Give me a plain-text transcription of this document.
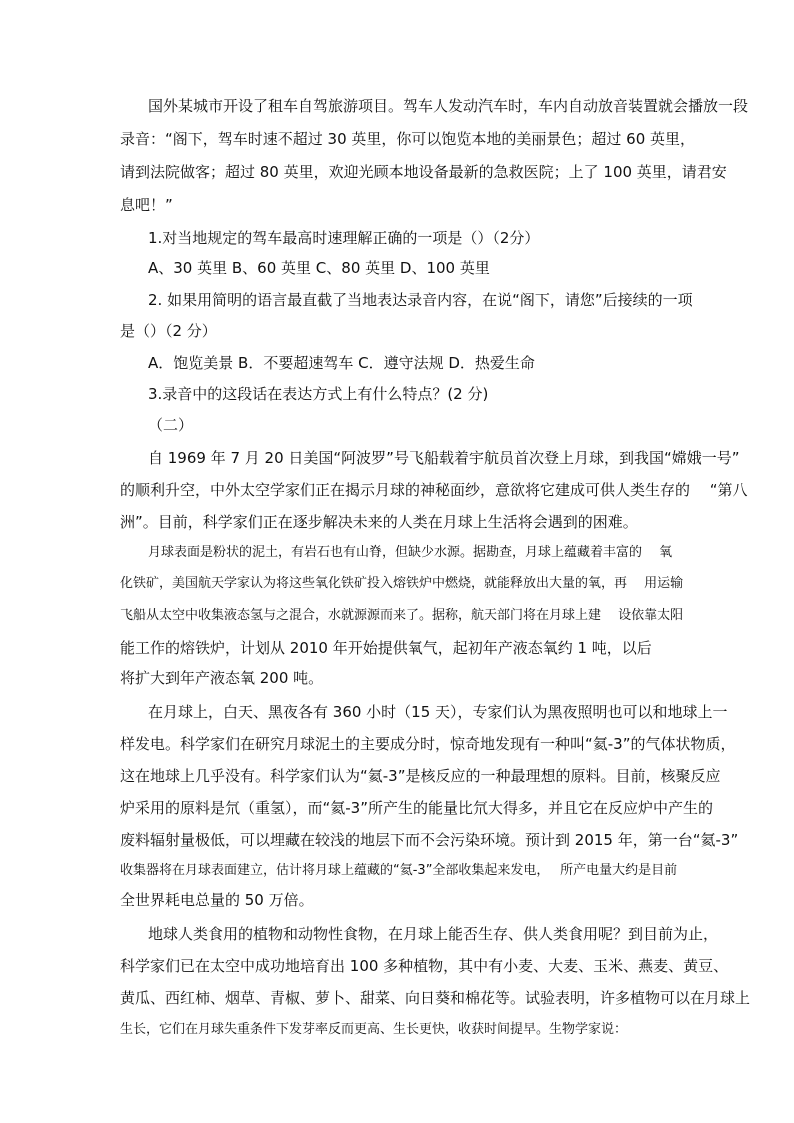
国外某城市开设了租车自驾旅游项目。驾车人发动汽车时，车内自动放音装置就会播放一段
录音：“阁下，驾车时速不超过 30 英里，你可以饱览本地的美丽景色；超过 60 英里，
请到法院做客；超过 80 英里，欢迎光顾本地设备最新的急救医院；上了 100 英里，请君安
息吧！”
1.对当地规定的驾车最高时速理解正确的一项是（）（2分）
A、30 英里 B、60 英里 C、80 英里 D、100 英里
2. 如果用简明的语言最直截了当地表达录音内容，在说“阁下，请您”后接续的一项
是（）（2 分）
A．饱览美景 B．不要超速驾车 C．遵守法规 D．热爱生命
3.录音中的这段话在表达方式上有什么特点？(2 分)
（二）
自 1969 年 7 月 20 日美国“阿波罗”号飞船载着宇航员首次登上月球，到我国“嫦娥一号”
的顺利升空，中外太空学家们正在揭示月球的神秘面纱，意欲将它建成可供人类生存的　 “第八
洲”。目前，科学家们正在逐步解决未来的人类在月球上生活将会遇到的困难。
月球表面是粉状的泥土，有岩石也有山脊，但缺少水源。据勘查，月球上蕴藏着丰富的　 氧
化铁矿，美国航天学家认为将这些氧化铁矿投入熔铁炉中燃烧，就能释放出大量的氧，再　 用运输
飞船从太空中收集液态氢与之混合，水就源源而来了。据称，航天部门将在月球上建　 设依靠太阳
能工作的熔铁炉，计划从 2010 年开始提供氧气，起初年产液态氧约 1 吨，以后
将扩大到年产液态氧 200 吨。
在月球上，白天、黑夜各有 360 小时（15 天），专家们认为黑夜照明也可以和地球上一
样发电。科学家们在研究月球泥土的主要成分时，惊奇地发现有一种叫“氦-3”的气体状物质，
这在地球上几乎没有。科学家们认为“氦-3”是核反应的一种最理想的原料。目前，核聚反应
炉采用的原料是氘（重氢），而“氦-3”所产生的能量比氘大得多，并且它在反应炉中产生的
废料辐射量极低，可以埋藏在较浅的地层下而不会污染环境。预计到 2015 年，第一台“氦-3”
收集器将在月球表面建立，估计将月球上蕴藏的“氦-3”全部收集起来发电，　 所产电量大约是目前
全世界耗电总量的 50 万倍。
地球人类食用的植物和动物性食物，在月球上能否生存、供人类食用呢？到目前为止，
科学家们已在太空中成功地培育出 100 多种植物，其中有小麦、大麦、玉米、燕麦、黄豆、
黄瓜、西红柿、烟草、青椒、萝卜、甜菜、向日葵和棉花等。试验表明，许多植物可以在月球上
生长，它们在月球失重条件下发芽率反而更高、生长更快，收获时间提早。生物学家说：
